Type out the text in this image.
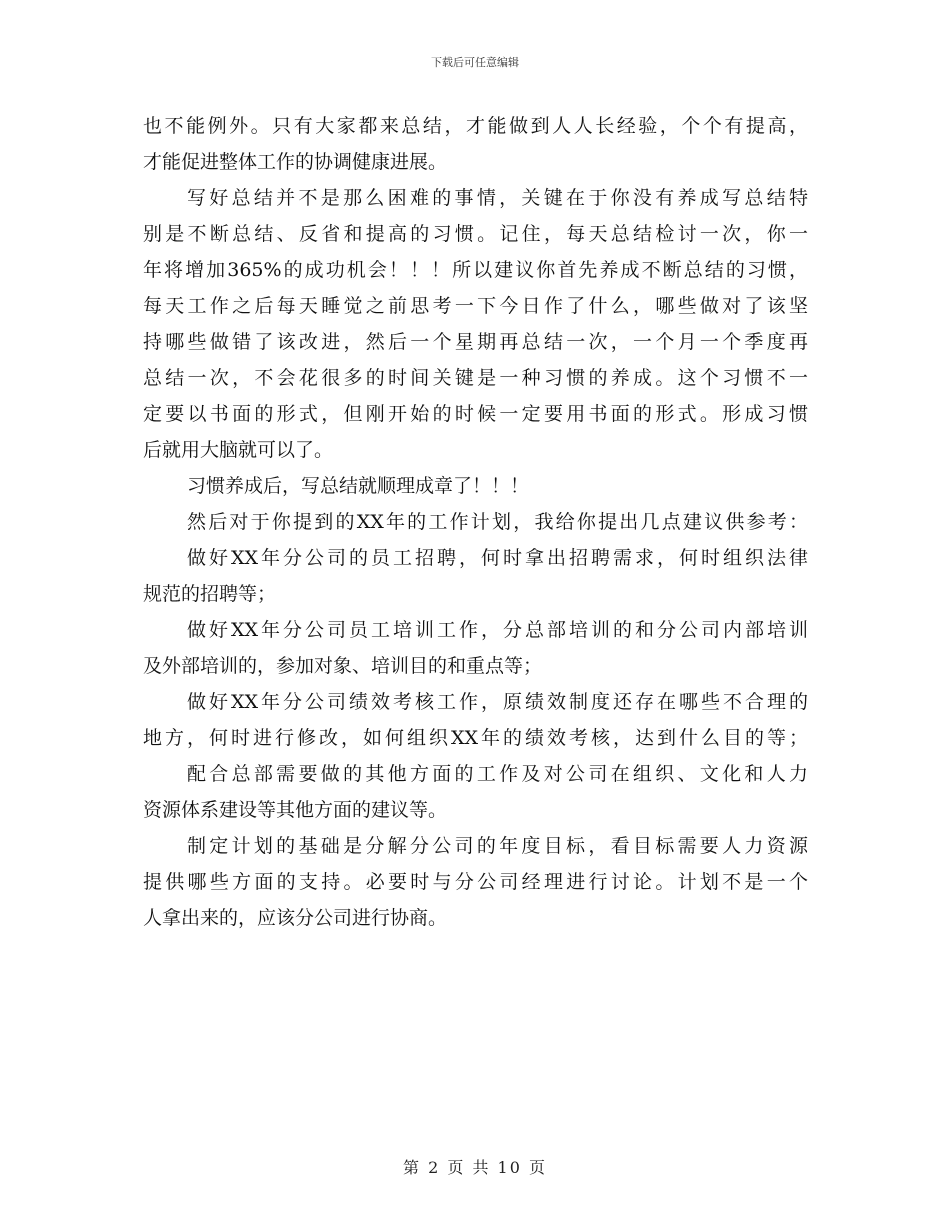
下载后可任意编辑
也不能例外。只有大家都来总结，才能做到人人长经验，个个有提高，
才能促进整体工作的协调健康进展。
写好总结并不是那么困难的事情，关键在于你没有养成写总结特
别是不断总结、反省和提高的习惯。记住，每天总结检讨一次，你一
年将增加365%的成功机会！！！所以建议你首先养成不断总结的习惯，
每天工作之后每天睡觉之前思考一下今日作了什么，哪些做对了该坚
持哪些做错了该改进，然后一个星期再总结一次，一个月一个季度再
总结一次，不会花很多的时间关键是一种习惯的养成。这个习惯不一
定要以书面的形式，但刚开始的时候一定要用书面的形式。形成习惯
后就用大脑就可以了。
习惯养成后，写总结就顺理成章了！！！
然后对于你提到的XX年的工作计划，我给你提出几点建议供参考：
做好XX年分公司的员工招聘，何时拿出招聘需求，何时组织法律
规范的招聘等；
做好XX年分公司员工培训工作，分总部培训的和分公司内部培训
及外部培训的，参加对象、培训目的和重点等；
做好XX年分公司绩效考核工作，原绩效制度还存在哪些不合理的
地方，何时进行修改，如何组织XX年的绩效考核，达到什么目的等；
配合总部需要做的其他方面的工作及对公司在组织、文化和人力
资源体系建设等其他方面的建议等。
制定计划的基础是分解分公司的年度目标，看目标需要人力资源
提供哪些方面的支持。必要时与分公司经理进行讨论。计划不是一个
人拿出来的，应该分公司进行协商。
第 2 页 共 10 页
